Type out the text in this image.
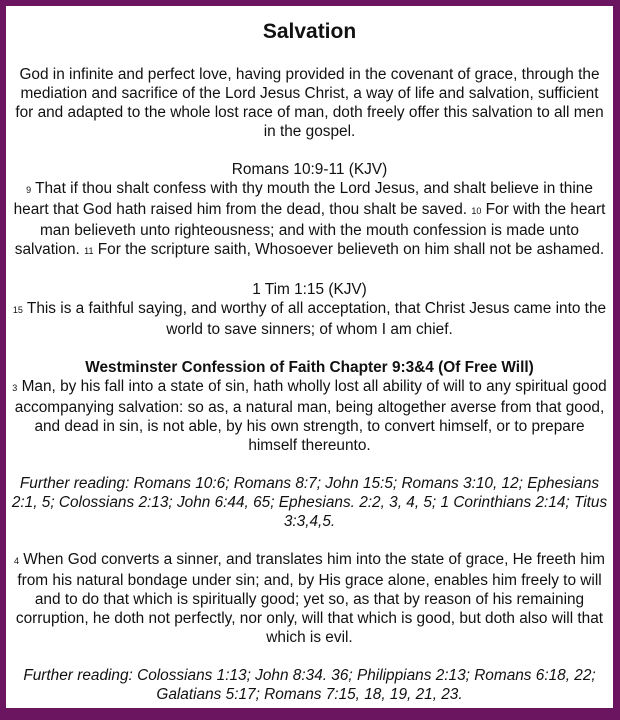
Salvation

God in infinite and perfect love, having provided in the covenant of grace, through the mediation and sacrifice of the Lord Jesus Christ, a way of life and salvation, sufficient for and adapted to the whole lost race of man, doth freely offer this salvation to all men in the gospel.

Romans 10:9-11 (KJV)

9 That if thou shalt confess with thy mouth the Lord Jesus, and shalt believe in thine heart that God hath raised him from the dead, thou shalt be saved. 10 For with the heart man believeth unto righteousness; and with the mouth confession is made unto salvation. 11 For the scripture saith, Whosoever believeth on him shall not be ashamed.

1 Tim 1:15 (KJV)

15 This is a faithful saying, and worthy of all acceptation, that Christ Jesus came into the world to save sinners; of whom I am chief.

Westminster Confession of Faith Chapter 9:3&4 (Of Free Will)

3 Man, by his fall into a state of sin, hath wholly lost all ability of will to any spiritual good accompanying salvation: so as, a natural man, being altogether averse from that good, and dead in sin, is not able, by his own strength, to convert himself, or to prepare himself thereunto.

Further reading: Romans 10:6; Romans 8:7; John 15:5; Romans 3:10, 12; Ephesians 2:1, 5; Colossians 2:13; John 6:44, 65; Ephesians. 2:2, 3, 4, 5; 1 Corinthians 2:14; Titus 3:3,4,5.

4 When God converts a sinner, and translates him into the state of grace, He freeth him from his natural bondage under sin; and, by His grace alone, enables him freely to will and to do that which is spiritually good; yet so, as that by reason of his remaining corruption, he doth not perfectly, nor only, will that which is good, but doth also will that which is evil.

Further reading: Colossians 1:13; John 8:34. 36; Philippians 2:13; Romans 6:18, 22; Galatians 5:17; Romans 7:15, 18, 19, 21, 23.
